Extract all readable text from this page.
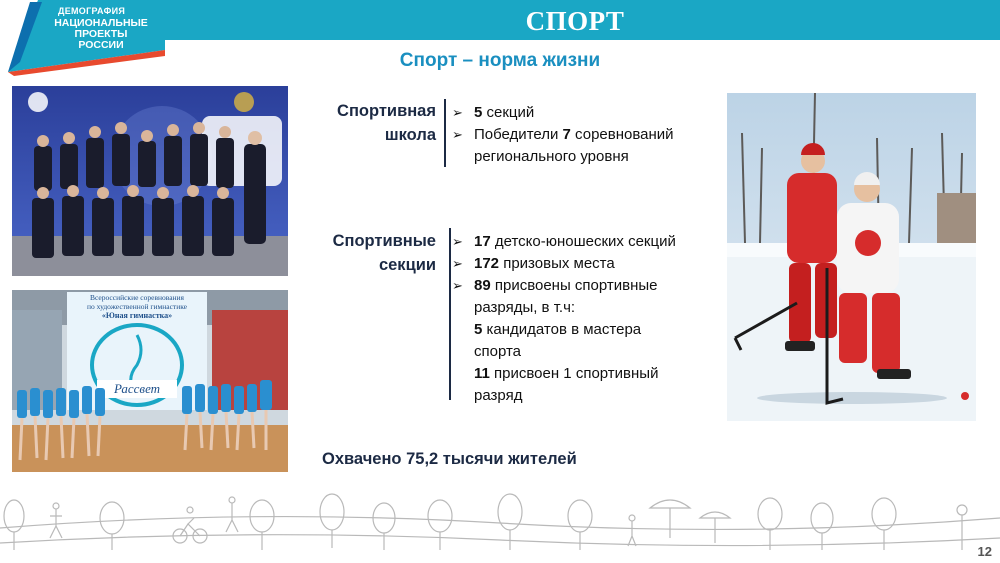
СПОРТ
ДЕМОГРАФИЯ
НАЦИОНАЛЬНЫЕ
ПРОЕКТЫ
РОССИИ
Спорт – норма жизни
Всероссийские соревнования
по художественной гимнастике
«Юная гимнастка»
Рассвет
Спортивная
школа
➢ 5 секций
➢ Победители 7 соревнований
регионального уровня
Спортивные
секции
➢ 17 детско-юношеских секций
➢ 172 призовых места
➢ 89 присвоены спортивные
разряды, в т.ч:
5 кандидатов в мастера
спорта
11 присвоен 1 спортивный
разряд
Охвачено 75,2 тысячи жителей
12
